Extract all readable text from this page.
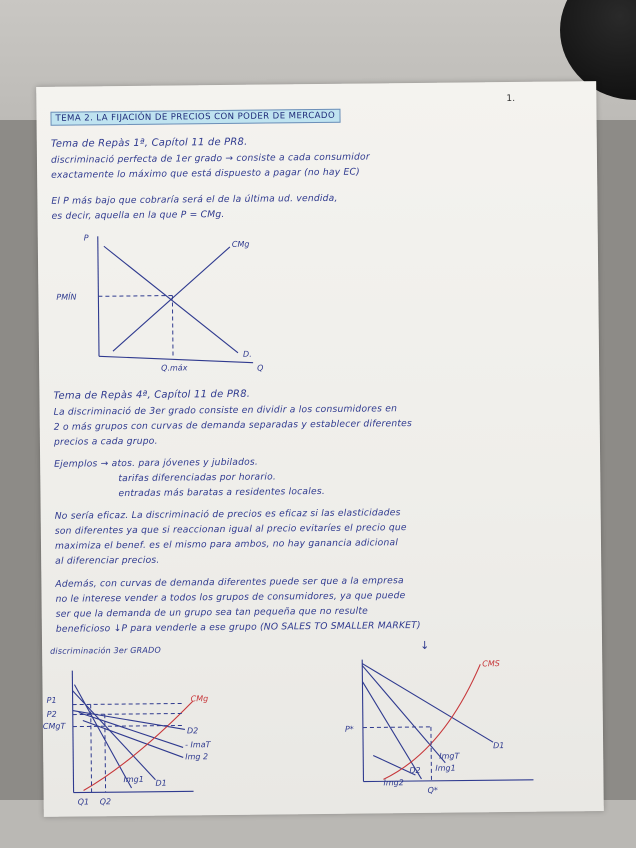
1.
TEMA 2. LA FIJACIÓN DE PRECIOS CON PODER DE MERCADO
Tema de Repàs 1ª, Capítol 11 de PR8.
discriminació perfecta de 1er grado → consiste a cada consumidor
exactamente lo máximo que está dispuesto a pagar (no hay EC)
El P más bajo que cobraría será el de la última ud. vendida,
es decir, aquella en la que P = CMg.
P
Q
CMg
D.
PMÍN
Q.máx
Tema de Repàs 4ª, Capítol 11 de PR8.
La discriminació de 3er grado consiste en dividir a los consumidores en
2 o más grupos con curvas de demanda separadas y establecer diferentes
precios a cada grupo.
Ejemplos → atos. para jóvenes y jubilados.
tarifas diferenciadas por horario.
entradas más baratas a residentes locales.
No sería eficaz. La discriminació de precios es eficaz si las elasticidades
son diferentes ya que si reaccionan igual al precio evitaríes el precio que
maximiza el benef. es el mismo para ambos, no hay ganancia adicional
al diferenciar precios.
Además, con curvas de demanda diferentes puede ser que a la empresa
no le interese vender a todos los grupos de consumidores, ya que puede
ser que la demanda de un grupo sea tan pequeña que no resulte
beneficioso ↓P para venderle a ese grupo (NO SALES TO SMALLER MARKET)
discriminación 3er GRADO
P1
P2
CMgT
CMg
D2
- ImaT
Img 2
D1
Img1
Q1 Q2
↓
CMS
P*
ImgT
Img1
D1
D2
Img2
Q*
